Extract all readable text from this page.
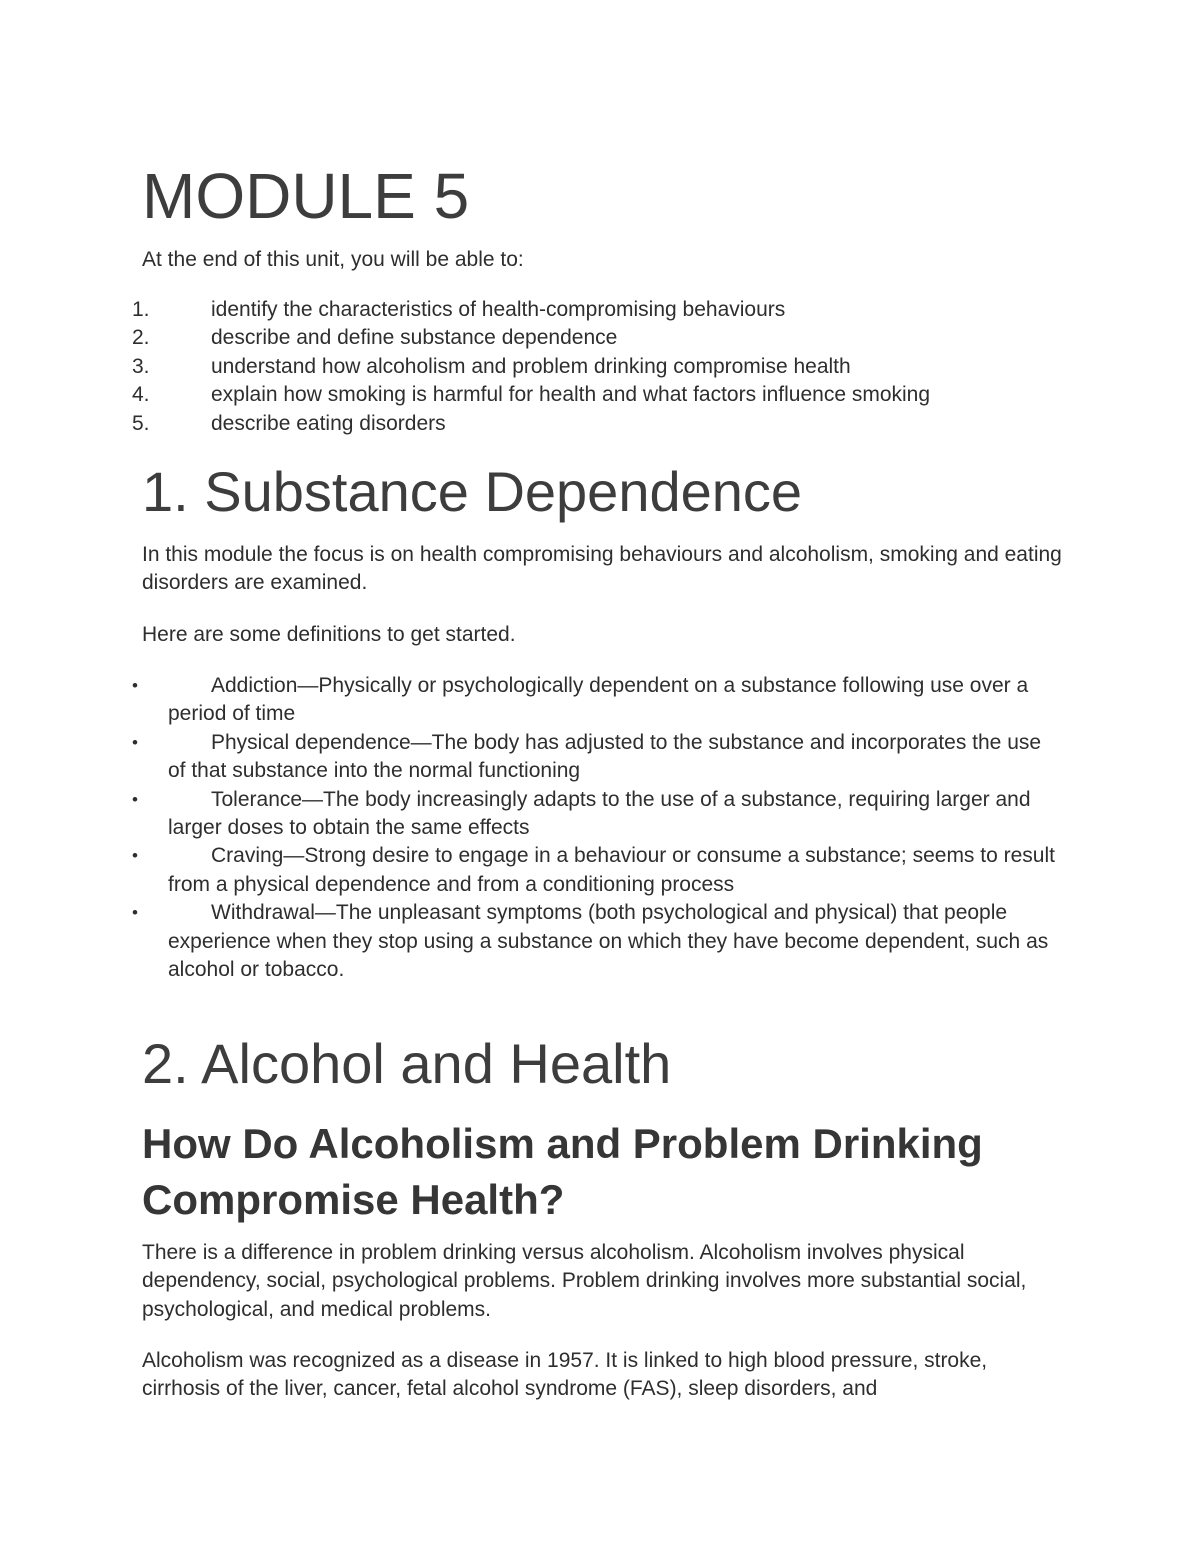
MODULE 5

At the end of this unit, you will be able to:

1.	identify the characteristics of health-compromising behaviours
2.	describe and define substance dependence
3.	understand how alcoholism and problem drinking compromise health
4.	explain how smoking is harmful for health and what factors influence smoking
5.	describe eating disorders
1. Substance Dependence

In this module the focus is on health compromising behaviours and alcoholism, smoking and eating disorders are examined.

Here are some definitions to get started.

•	Addiction—Physically or psychologically dependent on a substance following use over a period of time
•	Physical dependence—The body has adjusted to the substance and incorporates the use of that substance into the normal functioning
•	Tolerance—The body increasingly adapts to the use of a substance, requiring larger and larger doses to obtain the same effects
•	Craving—Strong desire to engage in a behaviour or consume a substance; seems to result from a physical dependence and from a conditioning process
•	Withdrawal—The unpleasant symptoms (both psychological and physical) that people experience when they stop using a substance on which they have become dependent, such as alcohol or tobacco.
2. Alcohol and Health
How Do Alcoholism and Problem Drinking Compromise Health?

There is a difference in problem drinking versus alcoholism. Alcoholism involves physical dependency, social, psychological problems. Problem drinking involves more substantial social, psychological, and medical problems.

Alcoholism was recognized as a disease in 1957. It is linked to high blood pressure, stroke, cirrhosis of the liver, cancer, fetal alcohol syndrome (FAS), sleep disorders, and
